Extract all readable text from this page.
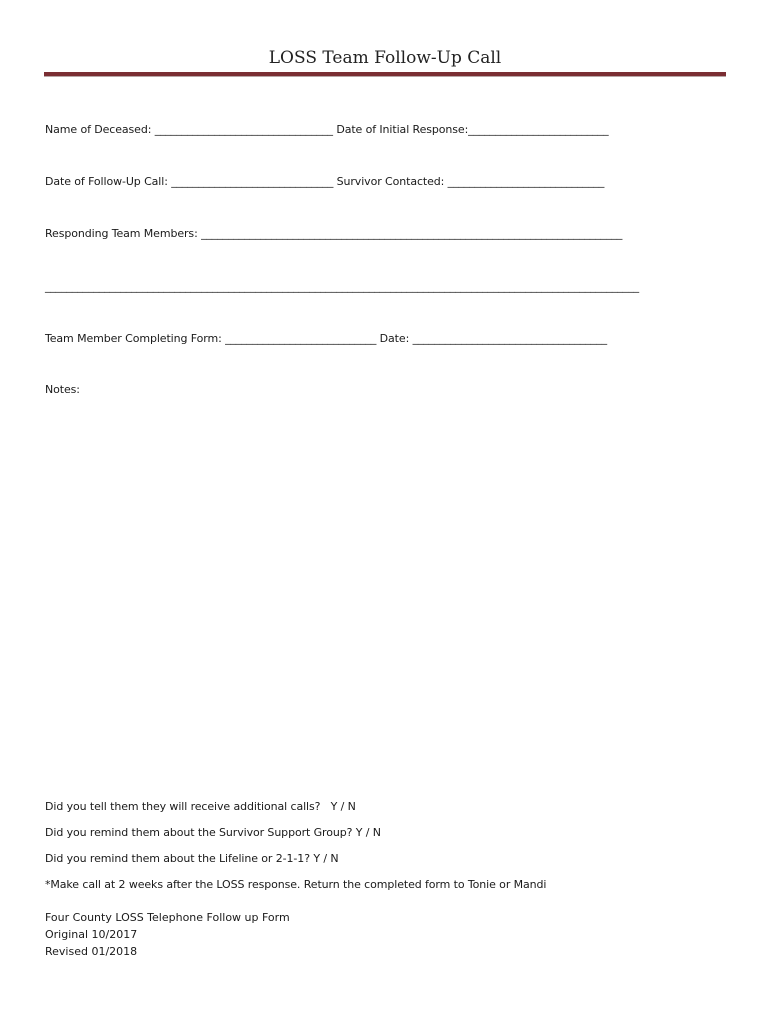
LOSS Team Follow-Up Call
Name of Deceased: _________________________________ Date of Initial Response:__________________________
Date of Follow-Up Call: ______________________________ Survivor Contacted: _____________________________
Responding Team Members: ______________________________________________________________________________
______________________________________________________________________________________________________________
Team Member Completing Form: ____________________________ Date: ____________________________________
Notes:
Did you tell them they will receive additional calls?   Y / N
Did you remind them about the Survivor Support Group? Y / N
Did you remind them about the Lifeline or 2-1-1? Y / N
*Make call at 2 weeks after the LOSS response. Return the completed form to Tonie or Mandi
Four County LOSS Telephone Follow up Form
Original 10/2017
Revised 01/2018
